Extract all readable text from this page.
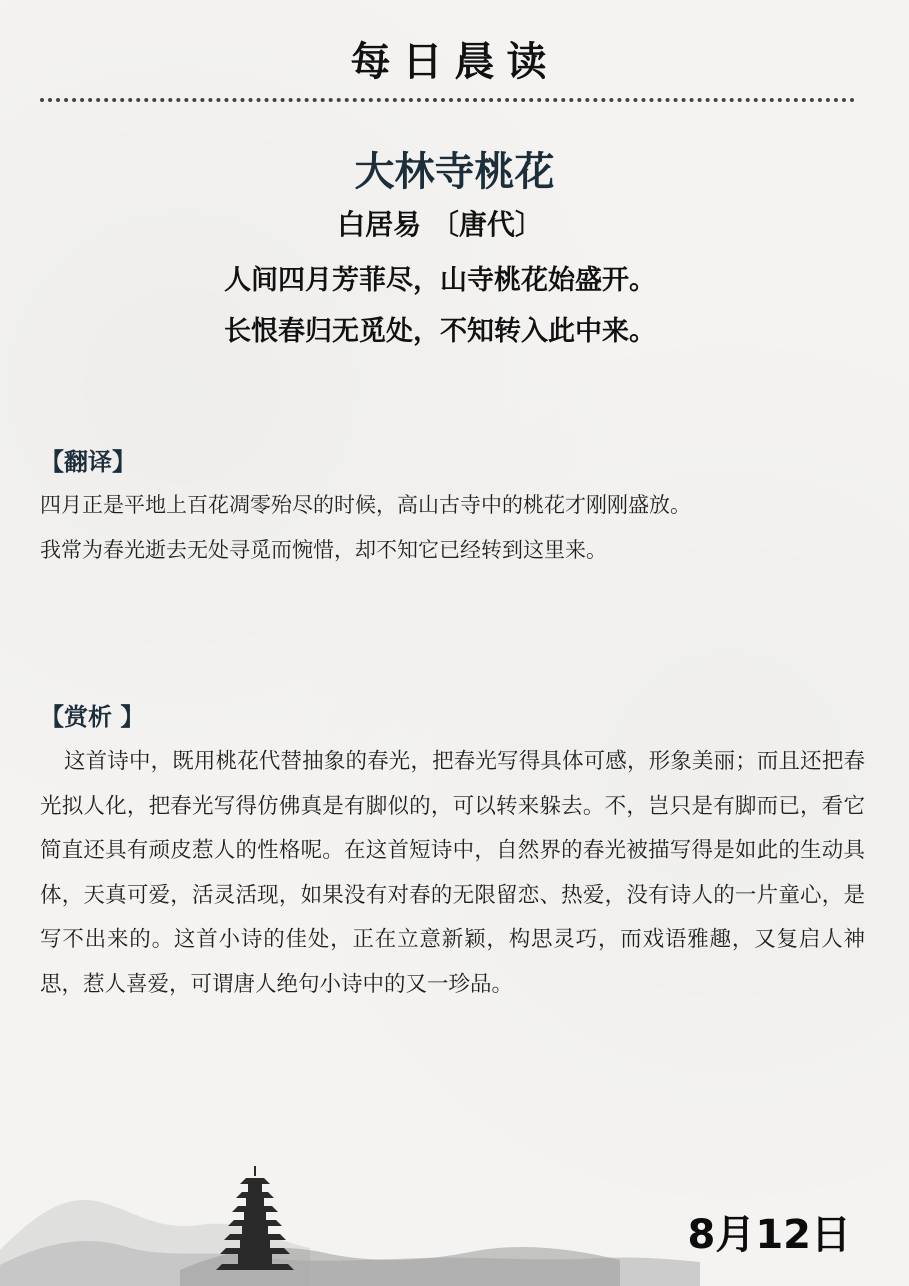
每日晨读
大林寺桃花
白居易 〔唐代〕
人间四月芳菲尽，山寺桃花始盛开。
长恨春归无觅处，不知转入此中来。
【翻译】
四月正是平地上百花凋零殆尽的时候，高山古寺中的桃花才刚刚盛放。
我常为春光逝去无处寻觅而惋惜，却不知它已经转到这里来。
【赏析 】

这首诗中，既用桃花代替抽象的春光，把春光写得具体可感，形象美丽；而且还把春光拟人化，把春光写得仿佛真是有脚似的，可以转来躲去。不，岂只是有脚而已，看它简直还具有顽皮惹人的性格呢。在这首短诗中，自然界的春光被描写得是如此的生动具体，天真可爱，活灵活现，如果没有对春的无限留恋、热爱，没有诗人的一片童心，是写不出来的。这首小诗的佳处，正在立意新颖，构思灵巧，而戏语雅趣，又复启人神思，惹人喜爱，可谓唐人绝句小诗中的又一珍品。

8月12日
